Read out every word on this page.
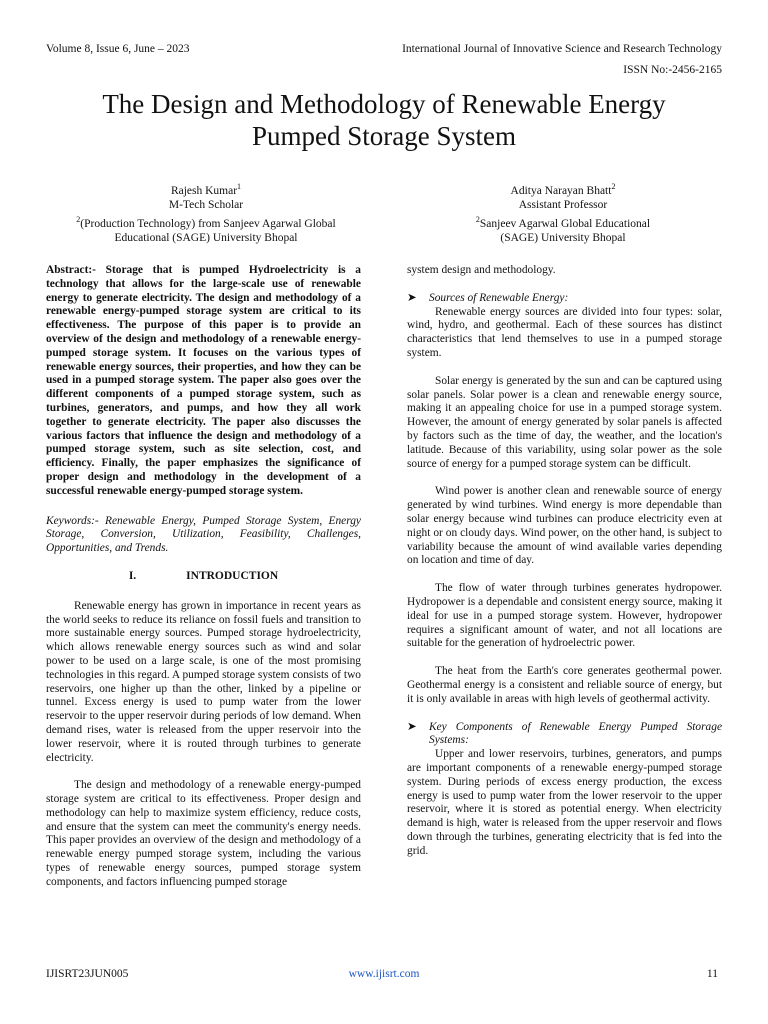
Volume 8, Issue 6, June – 2023	International Journal of Innovative Science and Research Technology
ISSN No:-2456-2165
The Design and Methodology of Renewable Energy
Pumped Storage System
Rajesh Kumar$^1$
M-Tech Scholar
$^2$(Production Technology) from Sanjeev Agarwal Global
Educational (SAGE) University Bhopal
Aditya Narayan Bhatt$^2$
Assistant Professor
$^2$Sanjeev Agarwal Global Educational
(SAGE) University Bhopal

Abstract:- Storage that is pumped Hydroelectricity is a technology that allows for the large-scale use of renewable energy to generate electricity. The design and methodology of a renewable energy-pumped storage system are critical to its effectiveness. The purpose of this paper is to provide an overview of the design and methodology of a renewable energy-pumped storage system. It focuses on the various types of renewable energy sources, their properties, and how they can be used in a pumped storage system. The paper also goes over the different components of a pumped storage system, such as turbines, generators, and pumps, and how they all work together to generate electricity. The paper also discusses the various factors that influence the design and methodology of a pumped storage system, such as site selection, cost, and efficiency. Finally, the paper emphasizes the significance of proper design and methodology in the development of a successful renewable energy-pumped storage system.

Keywords:- Renewable Energy, Pumped Storage System, Energy Storage, Conversion, Utilization, Feasibility, Challenges, Opportunities, and Trends.

I.	INTRODUCTION

Renewable energy has grown in importance in recent years as the world seeks to reduce its reliance on fossil fuels and transition to more sustainable energy sources. Pumped storage hydroelectricity, which allows renewable energy sources such as wind and solar power to be used on a large scale, is one of the most promising technologies in this regard. A pumped storage system consists of two reservoirs, one higher up than the other, linked by a pipeline or tunnel. Excess energy is used to pump water from the lower reservoir to the upper reservoir during periods of low demand. When demand rises, water is released from the upper reservoir into the lower reservoir, where it is routed through turbines to generate electricity.

The design and methodology of a renewable energy-pumped storage system are critical to its effectiveness. Proper design and methodology can help to maximize system efficiency, reduce costs, and ensure that the system can meet the community's energy needs. This paper provides an overview of the design and methodology of a renewable energy pumped storage system, including the various types of renewable energy sources, pumped storage system components, and factors influencing pumped storage

system design and methodology.

➤	Sources of Renewable Energy:

Renewable energy sources are divided into four types: solar, wind, hydro, and geothermal. Each of these sources has distinct characteristics that lend themselves to use in a pumped storage system.

Solar energy is generated by the sun and can be captured using solar panels. Solar power is a clean and renewable energy source, making it an appealing choice for use in a pumped storage system. However, the amount of energy generated by solar panels is affected by factors such as the time of day, the weather, and the location's latitude. Because of this variability, using solar power as the sole source of energy for a pumped storage system can be difficult.

Wind power is another clean and renewable source of energy generated by wind turbines. Wind energy is more dependable than solar energy because wind turbines can produce electricity even at night or on cloudy days. Wind power, on the other hand, is subject to variability because the amount of wind available varies depending on location and time of day.

The flow of water through turbines generates hydropower. Hydropower is a dependable and consistent energy source, making it ideal for use in a pumped storage system. However, hydropower requires a significant amount of water, and not all locations are suitable for the generation of hydroelectric power.

The heat from the Earth's core generates geothermal power. Geothermal energy is a consistent and reliable source of energy, but it is only available in areas with high levels of geothermal activity.

➤	Key Components of Renewable Energy Pumped Storage Systems:

Upper and lower reservoirs, turbines, generators, and pumps are important components of a renewable energy-pumped storage system. During periods of excess energy production, the excess energy is used to pump water from the lower reservoir to the upper reservoir, where it is stored as potential energy. When electricity demand is high, water is released from the upper reservoir and flows down through the turbines, generating electricity that is fed into the grid.

IJISRT23JUN005	www.ijisrt.com	11
